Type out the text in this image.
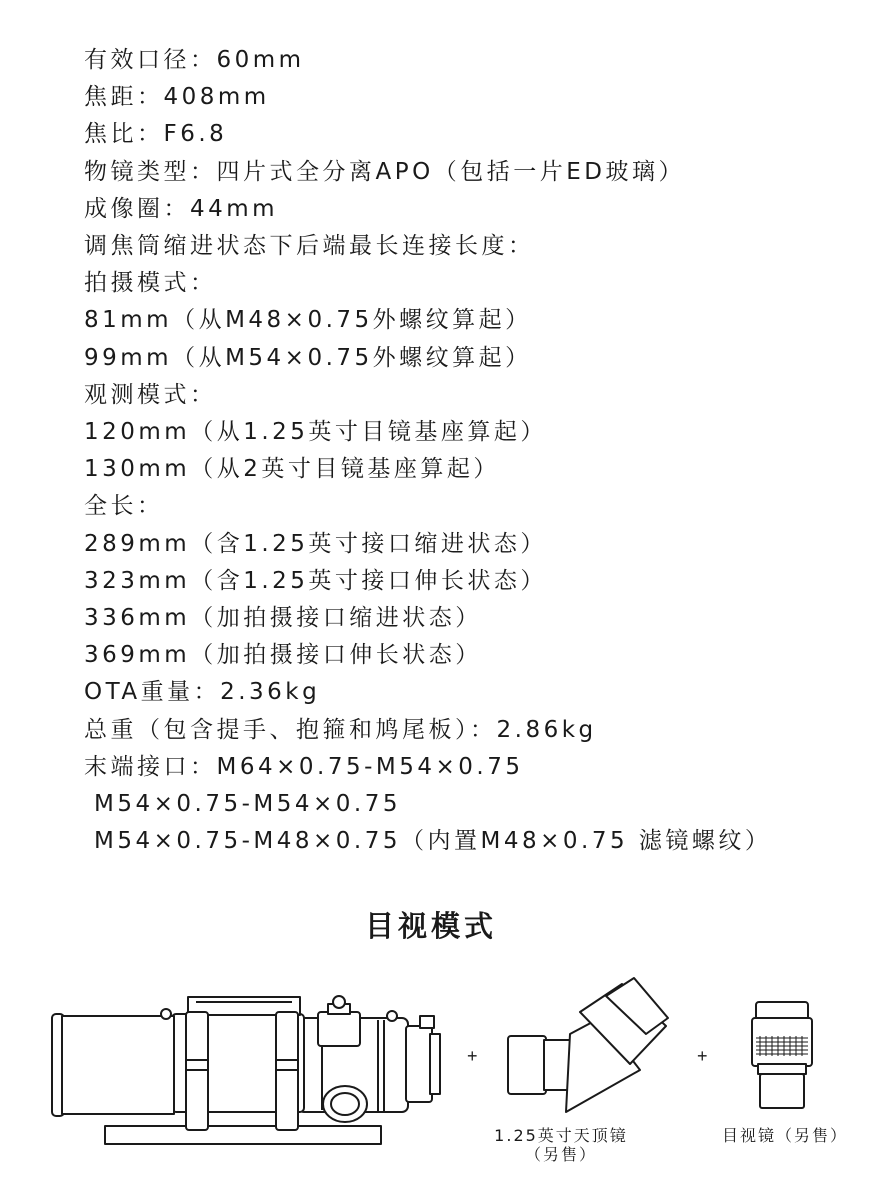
有效口径：60mm
焦距：408mm
焦比：F6.8
物镜类型：四片式全分离APO（包括一片ED玻璃）
成像圈：44mm
调焦筒缩进状态下后端最长连接长度：
拍摄模式：
81mm（从M48×0.75外螺纹算起）
99mm（从M54×0.75外螺纹算起）
观测模式：
120mm（从1.25英寸目镜基座算起）
130mm（从2英寸目镜基座算起）
全长：
289mm（含1.25英寸接口缩进状态）
323mm（含1.25英寸接口伸长状态）
336mm（加拍摄接口缩进状态）
369mm（加拍摄接口伸长状态）
OTA重量：2.36kg
总重（包含提手、抱箍和鸠尾板）：2.86kg
末端接口：M64×0.75-M54×0.75
M54×0.75-M54×0.75
M54×0.75-M48×0.75（内置M48×0.75 滤镜螺纹）
目视模式
+	+
1.25英寸天顶镜
（另售）
目视镜（另售）
